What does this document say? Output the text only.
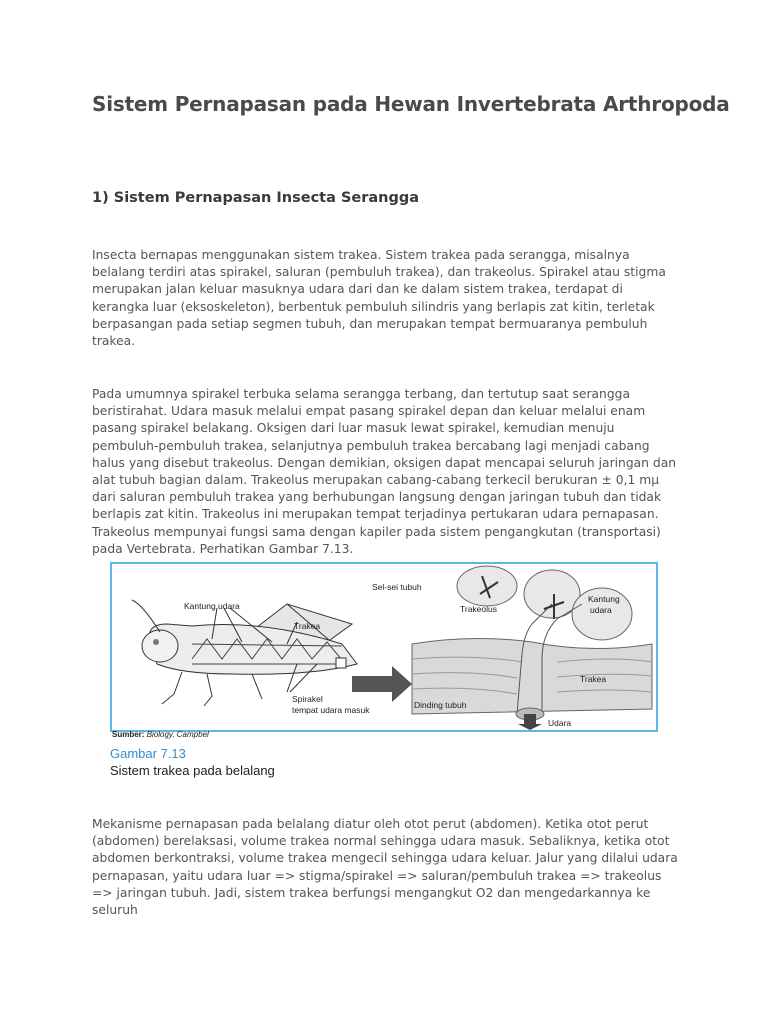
Sistem Pernapasan pada Hewan Invertebrata Arthropoda
1) Sistem Pernapasan Insecta Serangga
Insecta bernapas menggunakan sistem trakea. Sistem trakea pada serangga, misalnya belalang terdiri atas spirakel, saluran (pembuluh trakea), dan trakeolus. Spirakel atau stigma merupakan jalan keluar masuknya udara dari dan ke dalam sistem trakea, terdapat di kerangka luar (eksoskeleton), berbentuk pembuluh silindris yang berlapis zat kitin, terletak berpasangan pada setiap segmen tubuh, dan merupakan tempat bermuaranya pembuluh trakea.
Pada umumnya spirakel terbuka selama serangga terbang, dan tertutup saat serangga beristirahat. Udara masuk melalui empat pasang spirakel depan dan keluar melalui enam pasang spirakel belakang. Oksigen dari luar masuk lewat spirakel, kemudian menuju pembuluh-pembuluh trakea, selanjutnya pembuluh trakea bercabang lagi menjadi cabang halus yang disebut trakeolus. Dengan demikian, oksigen dapat mencapai seluruh jaringan dan alat tubuh bagian dalam. Trakeolus merupakan cabang-cabang terkecil berukuran ± 0,1 mµ dari saluran pembuluh trakea yang berhubungan langsung dengan jaringan tubuh dan tidak berlapis zat kitin. Trakeolus ini merupakan tempat terjadinya pertukaran udara pernapasan. Trakeolus mempunyai fungsi sama dengan kapiler pada sistem pengangkutan (transportasi) pada Vertebrata. Perhatikan Gambar 7.13.
Kantung udara
Trakea
Spirakel
tempat udara masuk
Sel-sei tubuh
Trakeolus
Kantung
udara
Trakea
Dinding tubuh
Udara
Sumber: Biology, Campbel
Gambar 7.13
Sistem trakea pada belalang
Mekanisme pernapasan pada belalang diatur oleh otot perut (abdomen). Ketika otot perut (abdomen) berelaksasi, volume trakea normal sehingga udara masuk. Sebaliknya, ketika otot abdomen berkontraksi, volume trakea mengecil sehingga udara keluar. Jalur yang dilalui udara pernapasan, yaitu udara luar => stigma/spirakel => saluran/pembuluh trakea => trakeolus => jaringan tubuh. Jadi, sistem trakea berfungsi mengangkut O2 dan mengedarkannya ke seluruh
